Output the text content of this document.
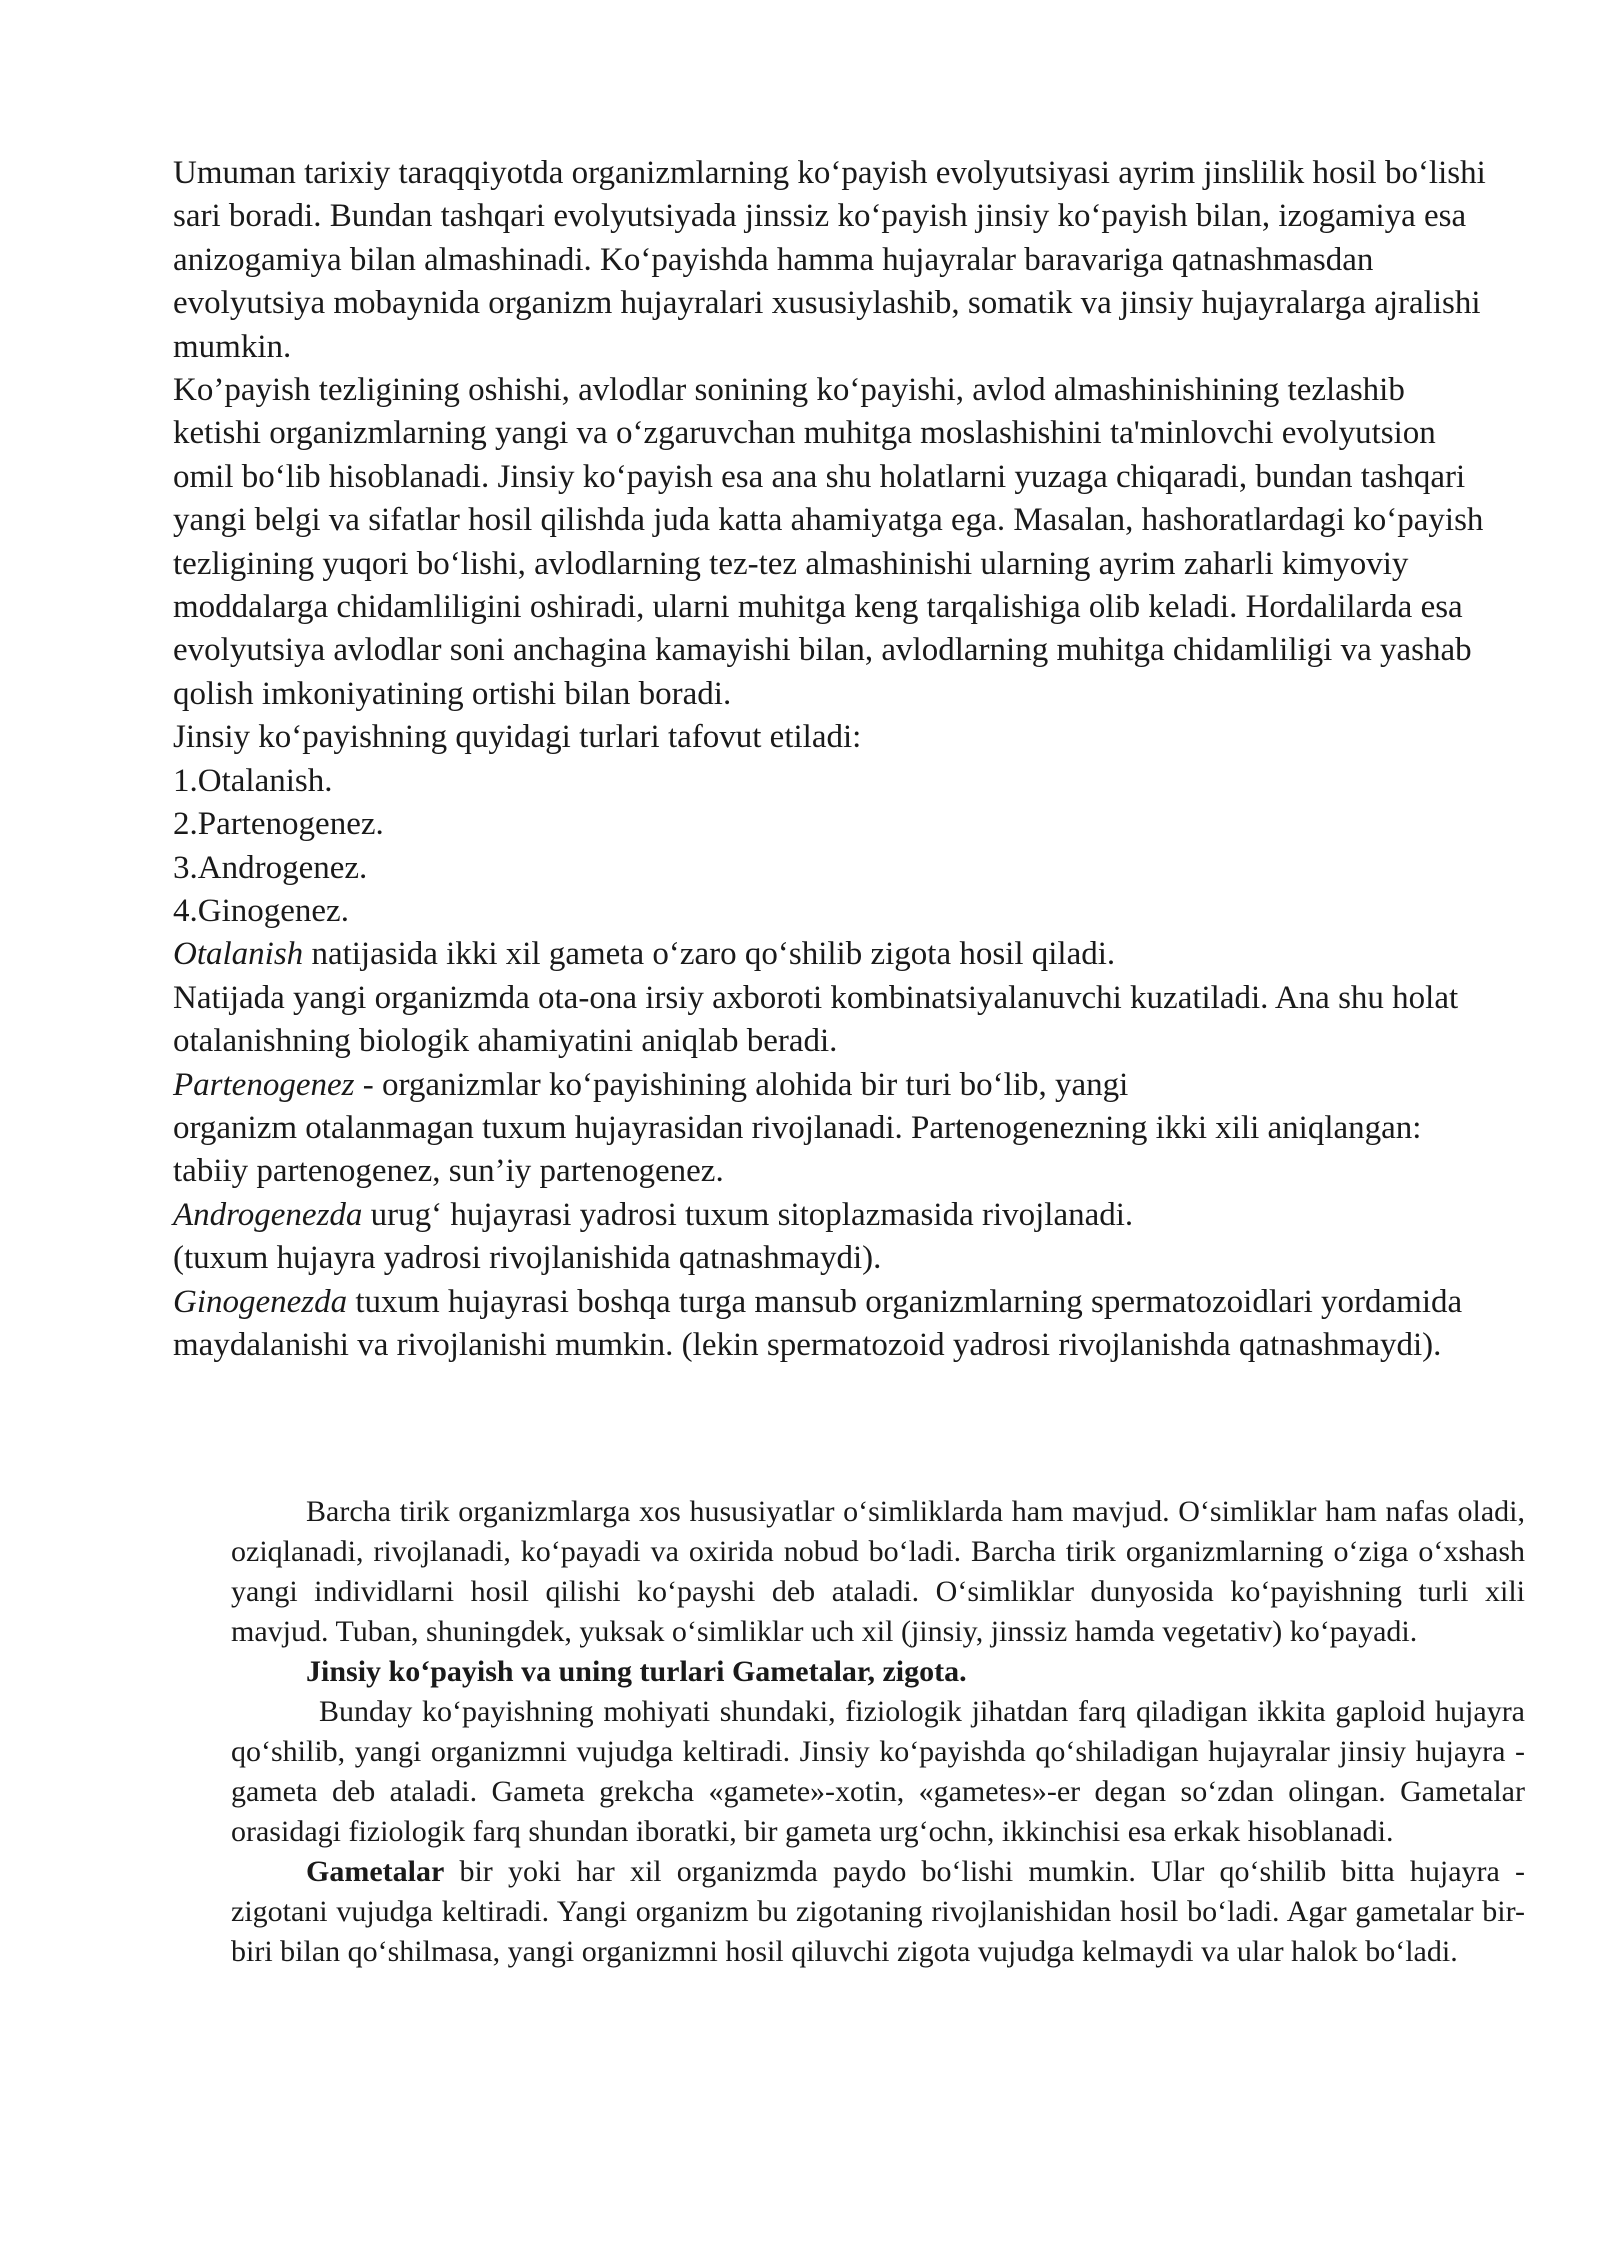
Umuman tarixiy taraqqiyotda organizmlarning ko‘payish evolyutsiyasi ayrim jinslilik hosil bo‘lishi sari boradi. Bundan tashqari evolyutsiyada jinssiz ko‘payish jinsiy ko‘payish bilan, izogamiya esa anizogamiya bilan almashinadi. Ko‘payishda hamma hujayralar baravariga qatnashmasdan evolyutsiya mobaynida organizm hujayralari xususiylashib, somatik va jinsiy hujayralarga ajralishi mumkin.

Ko’payish tezligining oshishi, avlodlar sonining ko‘payishi, avlod almashinishining tezlashib ketishi organizmlarning yangi va o‘zgaruvchan muhitga moslashishini ta'minlovchi evolyutsion omil bo‘lib hisoblanadi. Jinsiy ko‘payish esa ana shu holatlarni yuzaga chiqaradi, bundan tashqari yangi belgi va sifatlar hosil qilishda juda katta ahamiyatga ega. Masalan, hashoratlardagi ko‘payish tezligining yuqori bo‘lishi, avlodlarning tez-tez almashinishi ularning ayrim zaharli kimyoviy moddalarga chidamliligini oshiradi, ularni muhitga keng tarqalishiga olib keladi. Hordalilarda esa evolyutsiya avlodlar soni anchagina kamayishi bilan, avlodlarning muhitga chidamliligi va yashab qolish imkoniyatining ortishi bilan boradi.

Jinsiy ko‘payishning quyidagi turlari tafovut etiladi:

1.Otalanish.

2.Partenogenez.

3.Androgenez.

4.Ginogenez.

Otalanish natijasida ikki xil gameta o‘zaro qo‘shilib zigota hosil qiladi.

Natijada yangi organizmda ota-ona irsiy axboroti kombinatsiyalanuvchi kuzatiladi. Ana shu holat otalanishning biologik ahamiyatini aniqlab beradi.

Partenogenez - organizmlar ko‘payishining alohida bir turi bo‘lib, yangi

organizm otalanmagan tuxum hujayrasidan rivojlanadi. Partenogenezning ikki xili aniqlangan: tabiiy partenogenez, sun’iy partenogenez.

Androgenezda urug‘ hujayrasi yadrosi tuxum sitoplazmasida rivojlanadi.

(tuxum hujayra yadrosi rivojlanishida qatnashmaydi).

Ginogenezda tuxum hujayrasi boshqa turga mansub organizmlarning spermatozoidlari yordamida maydalanishi va rivojlanishi mumkin. (lekin spermatozoid yadrosi rivojlanishda qatnashmaydi).

Barcha tirik organizmlarga xos hususiyatlar o‘simliklarda ham mavjud. O‘simliklar ham nafas oladi, oziqlanadi, rivojlanadi, ko‘payadi va oxirida nobud bo‘ladi. Barcha tirik organizmlarning o‘ziga o‘xshash yangi individlarni hosil qilishi ko‘payshi deb ataladi. O‘simliklar dunyosida ko‘payishning turli xili mavjud. Tuban, shuningdek, yuksak o‘simliklar uch xil (jinsiy, jinssiz hamda vegetativ) ko‘payadi.

Jinsiy ko‘payish va uning turlari Gametalar, zigota.

Bunday ko‘payishning mohiyati shundaki, fiziologik jihatdan farq qiladigan ikkita gaploid hujayra qo‘shilib, yangi organizmni vujudga keltiradi. Jinsiy ko‘payishda qo‘shiladigan hujayralar jinsiy hujayra -gameta deb ataladi. Gameta grekcha «gamete»-xotin, «gametes»-er degan so‘zdan olingan. Gametalar orasidagi fiziologik farq shundan iboratki, bir gameta urg‘ochn, ikkinchisi esa erkak hisoblanadi.

Gametalar bir yoki har xil organizmda paydo bo‘lishi mumkin. Ular qo‘shilib bitta hujayra - zigotani vujudga keltiradi. Yangi organizm bu zigotaning rivojlanishidan hosil bo‘ladi. Agar gametalar bir-biri bilan qo‘shilmasa, yangi organizmni hosil qiluvchi zigota vujudga kelmaydi va ular halok bo‘ladi.
